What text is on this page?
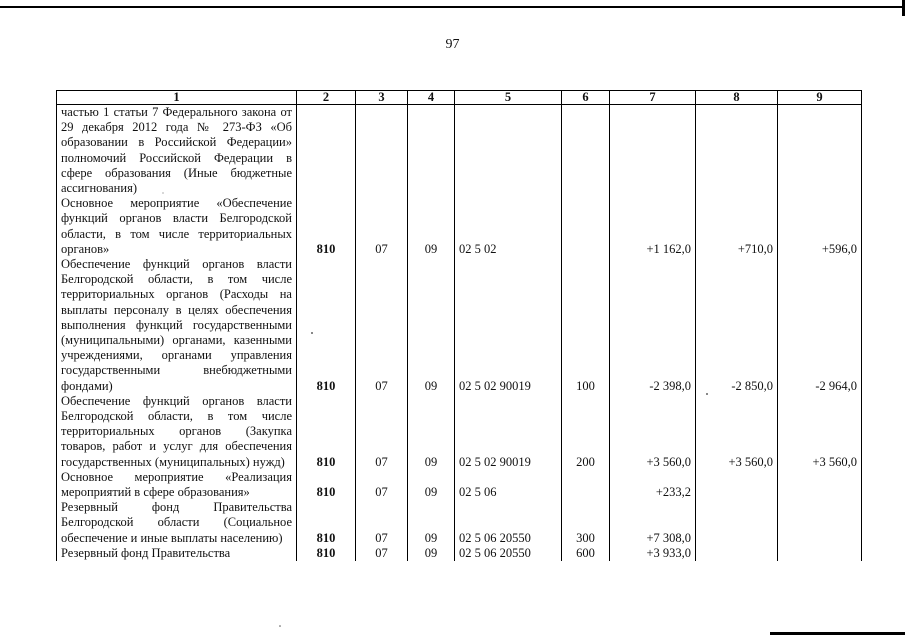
97
1	2	3	4	5	6	7	8	9
частью 1 статьи 7 Федерального закона от 29 декабря 2012 года № 273-ФЗ «Об образовании в Российской Федерации» полномочий Российской Федерации в сфере образования (Иные бюджетные ассигнования)								
Основное мероприятие «Обеспечение функций органов власти Белгородской области, в том числе территориальных органов»	810	07	09	02 5 02		+1 162,0	+710,0	+596,0
Обеспечение функций органов власти Белгородской области, в том числе территориальных органов (Расходы на выплаты персоналу в целях обеспечения выполнения функций государственными (муниципальными) органами, казенными учреждениями, органами управления государственными внебюджетными фондами)	810	07	09	02 5 02 90019	100	-2 398,0	-2 850,0	-2 964,0
Обеспечение функций органов власти Белгородской области, в том числе территориальных органов (Закупка товаров, работ и услуг для обеспечения государственных (муниципальных) нужд)	810	07	09	02 5 02 90019	200	+3 560,0	+3 560,0	+3 560,0
Основное мероприятие «Реализация мероприятий в сфере образования»	810	07	09	02 5 06		+233,2		
Резервный фонд Правительства Белгородской области (Социальное обеспечение и иные выплаты населению)	810	07	09	02 5 06 20550	300	+7 308,0		
Резервный фонд Правительства	810	07	09	02 5 06 20550	600	+3 933,0		
